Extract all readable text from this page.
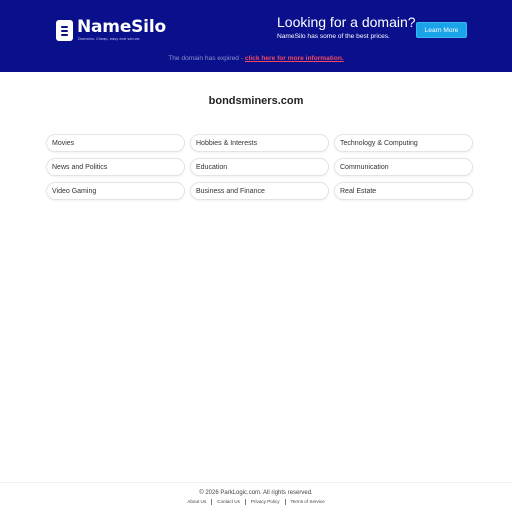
NameSilo
Domains. Cheap, easy and secure.
Looking for a domain?
NameSilo has some of the best prices.
Learn More
The domain has expired - click here for more information.
bondsminers.com
Movies	Hobbies & Interests	Technology & Computing
News and Politics	Education	Communication
Video Gaming	Business and Finance	Real Estate
© 2026 ParkLogic.com. All rights reserved.
About Us	Contact Us	Privacy Policy	Terms of Service
